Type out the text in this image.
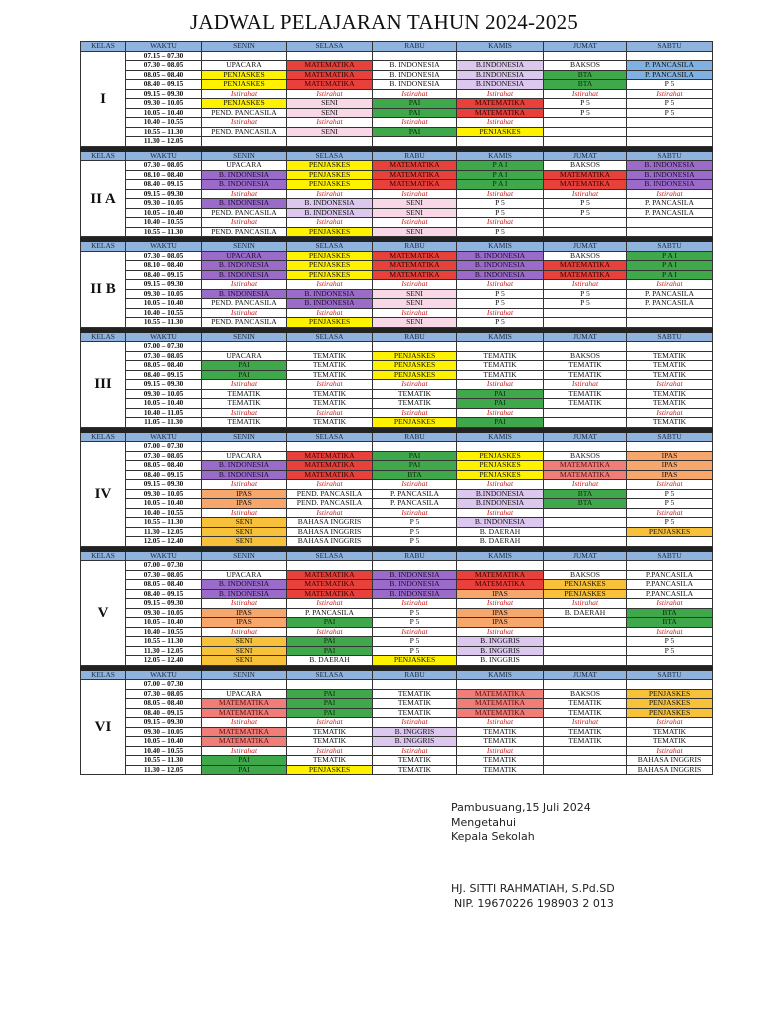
JADWAL PELAJARAN TAHUN 2024-2025
KELAS	WAKTU	SENIN	SELASA	RABU	KAMIS	JUMAT	SABTU
I	07.15 – 07.30						
	07.30 – 08.05	UPACARA	MATEMATIKA	B. INDONESIA	B.INDONESIA	BAKSOS	P. PANCASILA
	08.05 – 08.40	PENJASKES	MATEMATIKA	B. INDONESIA	B.INDONESIA	BTA	P. PANCASILA
	08.40 – 09.15	PENJASKES	MATEMATIKA	B. INDONESIA	B.INDONESIA	BTA	P 5
	09.15 – 09.30	Istirahat	Istirahat	Istirahat	Istirahat	Istirahat	Istirahat
	09.30 – 10.05	PENJASKES	SENI	PAI	MATEMATIKA	P 5	P 5
	10.05 – 10.40	PEND. PANCASILA	SENI	PAI	MATEMATIKA	P 5	P 5
	10.40 – 10.55	Istirahat	Istirahat	Istirahat	Istirahat		
	10.55 – 11.30	PEND. PANCASILA	SENI	PAI	PENJASKES		
	11.30 – 12.05						

KELAS	WAKTU	SENIN	SELASA	RABU	KAMIS	JUMAT	SABTU
II A	07.30 – 08.05	UPACARA	PENJASKES	MATEMATIKA	P A I	BAKSOS	B. INDONESIA
	08.10 – 08.40	B. INDONESIA	PENJASKES	MATEMATIKA	P A I	MATEMATIKA	B. INDONESIA
	08.40 – 09.15	B. INDONESIA	PENJASKES	MATEMATIKA	P A I	MATEMATIKA	B. INDONESIA
	09.15 – 09.30	Istirahat	Istirahat	Istirahat	Istirahat	Istirahat	Istirahat
	09.30 – 10.05	B. INDONESIA	B. INDONESIA	SENI	P 5	P 5	P. PANCASILA
	10.05 – 10.40	PEND. PANCASILA	B. INDONESIA	SENI	P 5	P 5	P. PANCASILA
	10.40 – 10.55	Istirahat	Istirahat	Istirahat	Istirahat		
	10.55 – 11.30	PEND. PANCASILA	PENJASKES	SENI	P 5		

KELAS	WAKTU	SENIN	SELASA	RABU	KAMIS	JUMAT	SABTU
II B	07.30 – 08.05	UPACARA	PENJASKES	MATEMATIKA	B. INDONESIA	BAKSOS	P A I
	08.10 – 08.40	B. INDONESIA	PENJASKES	MATEMATIKA	B. INDONESIA	MATEMATIKA	P A I
	08.40 – 09.15	B. INDONESIA	PENJASKES	MATEMATIKA	B. INDONESIA	MATEMATIKA	P A I
	09.15 – 09.30	Istirahat	Istirahat	Istirahat	Istirahat	Istirahat	Istirahat
	09.30 – 10.05	B. INDONESIA	B. INDONESIA	SENI	P 5	P 5	P. PANCASILA
	10.05 – 10.40	PEND. PANCASILA	B. INDONESIA	SENI	P 5	P 5	P. PANCASILA
	10.40 – 10.55	Istirahat	Istirahat	Istirahat	Istirahat		
	10.55 – 11.30	PEND. PANCASILA	PENJASKES	SENI	P 5		

KELAS	WAKTU	SENIN	SELASA	RABU	KAMIS	JUMAT	SABTU
III	07.00 – 07.30						
	07.30 – 08.05	UPACARA	TEMATIK	PENJASKES	TEMATIK	BAKSOS	TEMATIK
	08.05 – 08.40	PAI	TEMATIK	PENJASKES	TEMATIK	TEMATIK	TEMATIK
	08.40 – 09.15	PAI	TEMATIK	PENJASKES	TEMATIK	TEMATIK	TEMATIK
	09.15 – 09.30	Istirahat	Istirahat	Istirahat	Istirahat	Istirahat	Istirahat
	09.30 – 10.05	TEMATIK	TEMATIK	TEMATIK	PAI	TEMATIK	TEMATIK
	10.05 – 10.40	TEMATIK	TEMATIK	TEMATIK	PAI	TEMATIK	TEMATIK
	10.40 – 11.05	Istirahat	Istirahat	Istirahat	Istirahat		Istirahat
	11.05 – 11.30	TEMATIK	TEMATIK	PENJASKES	PAI		TEMATIK

KELAS	WAKTU	SENIN	SELASA	RABU	KAMIS	JUMAT	SABTU
IV	07.00 – 07.30						
	07.30 – 08.05	UPACARA	MATEMATIKA	PAI	PENJASKES	BAKSOS	IPAS
	08.05 – 08.40	B. INDONESIA	MATEMATIKA	PAI	PENJASKES	MATEMATIKA	IPAS
	08.40 – 09.15	B. INDONESIA	MATEMATIKA	BTA	PENJASKES	MATEMATIKA	IPAS
	09.15 – 09.30	Istirahat	Istirahat	Istirahat	Istirahat	Istirahat	Istirahat
	09.30 – 10.05	IPAS	PEND. PANCASILA	P. PANCASILA	B.INDONESIA	BTA	P 5
	10.05 – 10.40	IPAS	PEND. PANCASILA	P. PANCASILA	B.INDONESIA	BTA	P 5
	10.40 – 10.55	Istirahat	Istirahat	Istirahat	Istirahat		Istirahat
	10.55 – 11.30	SENI	BAHASA INGGRIS	P 5	B. INDONESIA		P 5
	11.30 – 12.05	SENI	BAHASA INGGRIS	P 5	B. DAERAH		PENJASKES
	12.05 – 12.40	SENI	BAHASA INGGRIS	P 5	B. DAERAH		

KELAS	WAKTU	SENIN	SELASA	RABU	KAMIS	JUMAT	SABTU
V	07.00 – 07.30						
	07.30 – 08.05	UPACARA	MATEMATIKA	B. INDONESIA	MATEMATIKA	BAKSOS	P.PANCASILA
	08.05 – 08.40	B. INDONESIA	MATEMATIKA	B. INDONESIA	MATEMATIKA	PENJASKES	P.PANCASILA
	08.40 – 09.15	B. INDONESIA	MATEMATIKA	B. INDONESIA	IPAS	PENJASKES	P.PANCASILA
	09.15 – 09.30	Istirahat	Istirahat	Istirahat	Istirahat	Istirahat	Istirahat
	09.30 – 10.05	IPAS	P. PANCASILA	P 5	IPAS	B. DAERAH	BTA
	10.05 – 10.40	IPAS	PAI	P 5	IPAS		BTA
	10.40 – 10.55	Istirahat	Istirahat	Istirahat	Istirahat		Istirahat
	10.55 – 11.30	SENI	PAI	P 5	B. INGGRIS		P 5
	11.30 – 12.05	SENI	PAI	P 5	B. INGGRIS		P 5
	12.05 – 12.40	SENI	B. DAERAH	PENJASKES	B. INGGRIS		

KELAS	WAKTU	SENIN	SELASA	RABU	KAMIS	JUMAT	SABTU
VI	07.00 – 07.30						
	07.30 – 08.05	UPACARA	PAI	TEMATIK	MATEMATIKA	BAKSOS	PENJASKES
	08.05 – 08.40	MATEMATIKA	PAI	TEMATIK	MATEMATIKA	TEMATIK	PENJASKES
	08.40 – 09.15	MATEMATIKA	PAI	TEMATIK	MATEMATIKA	TEMATIK	PENJASKES
	09.15 – 09.30	Istirahat	Istirahat	Istirahat	Istirahat	Istirahat	Istirahat
	09.30 – 10.05	MATEMATIKA	TEMATIK	B. INGGRIS	TEMATIK	TEMATIK	TEMATIK
	10.05 – 10.40	MATEMATIKA	TEMATIK	B. INGGRIS	TEMATIK	TEMATIK	TEMATIK
	10.40 – 10.55	Istirahat	Istirahat	Istirahat	Istirahat		Istirahat
	10.55 – 11.30	PAI	TEMATIK	TEMATIK	TEMATIK		BAHASA INGGRIS
	11.30 – 12.05	PAI	PENJASKES	TEMATIK	TEMATIK		BAHASA INGGRIS
Pambusuang,15 Juli 2024
Mengetahui
Kepala Sekolah
HJ. SITTI RAHMATIAH, S.Pd.SD
NIP. 19670226 198903 2 013
